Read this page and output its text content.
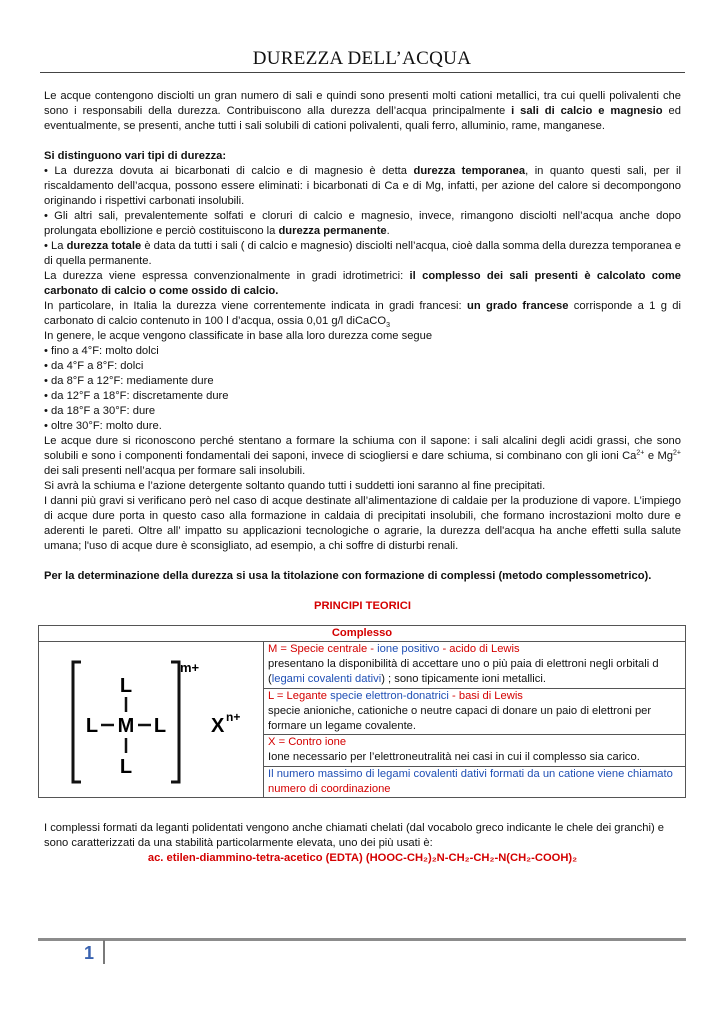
DUREZZA DELL’ACQUA

Le acque contengono disciolti un gran numero di sali e quindi sono presenti molti cationi metallici, tra cui quelli polivalenti che sono i responsabili della durezza. Contribuiscono alla durezza dell’acqua principalmente i sali di calcio e magnesio ed eventualmente, se presenti, anche tutti i sali solubili di cationi polivalenti, quali ferro, alluminio, rame, manganese.

Si distinguono vari tipi di durezza:

• La durezza dovuta ai bicarbonati di calcio e di magnesio è detta durezza temporanea, in quanto questi sali, per il riscaldamento dell’acqua, possono essere eliminati: i bicarbonati di Ca e di Mg, infatti, per azione del calore si decompongono originando i rispettivi carbonati insolubili.

• Gli altri sali, prevalentemente solfati e cloruri di calcio e magnesio, invece, rimangono disciolti nell’acqua anche dopo prolungata ebollizione e perciò costituiscono la durezza permanente.

• La durezza totale è data da tutti i sali ( di calcio e magnesio) disciolti nell’acqua, cioè dalla somma della durezza temporanea e di quella permanente.

La durezza viene espressa convenzionalmente in gradi idrotimetrici: il complesso dei sali presenti è calcolato come carbonato di calcio o come ossido di calcio.

In particolare, in Italia la durezza viene correntemente indicata in gradi francesi: un grado francese corrisponde a 1 g di carbonato di calcio contenuto in 100 l d’acqua, ossia 0,01 g/l diCaCO$_3$

In genere, le acque vengono classificate in base alla loro durezza come segue

• fino a 4°F: molto dolci

• da 4°F a 8°F: dolci

• da 8°F a 12°F: mediamente dure

• da 12°F a 18°F: discretamente dure

• da 18°F a 30°F: dure

• oltre 30°F: molto dure.

Le acque dure si riconoscono perché stentano a formare la schiuma con il sapone: i sali alcalini degli acidi grassi, che sono solubili e sono i componenti fondamentali dei saponi, invece di sciogliersi e dare schiuma, si combinano con gli ioni $Ca^{2+}$ e $Mg^{2+}$ dei sali presenti nell’acqua per formare sali insolubili.

Si avrà la schiuma e l’azione detergente soltanto quando tutti i suddetti ioni saranno al fine precipitati.

I danni più gravi si verificano però nel caso di acque destinate all’alimentazione di caldaie per la produzione di vapore. L’impiego di acque dure porta in questo caso alla formazione in caldaia di precipitati insolubili, che formano incrostazioni molto dure e aderenti le pareti. Oltre all’ impatto su applicazioni tecnologiche o agrarie, la durezza dell'acqua ha anche effetti sulla salute umana; l'uso di acque dure è sconsigliato, ad esempio, a chi soffre di disturbi renali.

Per la determinazione della durezza si usa la titolazione con formazione di complessi (metodo complessometrico).

PRINCIPI TEORICI

Complesso

m+
L
L
L	L
M	X n+
	M = Specie centrale - ione positivo - acido di Lewis
presentano la disponibilità di accettare uno o più paia di elettroni negli orbitali d (legami covalenti dativi) ; sono tipicamente ioni metallici.
L = Legante specie elettron-donatrici - basi di Lewis
specie anioniche, cationiche o neutre capaci di donare un paio di elettroni per formare un legame covalente.
X = Contro ione
Ione necessario per l’elettroneutralità nei casi in cui il complesso sia carico.
Il numero massimo di legami covalenti dativi formati da un catione viene chiamato numero di coordinazione

I complessi formati da leganti polidentati vengono anche chiamati chelati (dal vocabolo greco indicante le chele dei granchi) e sono caratterizzati da una stabilità particolarmente elevata, uno dei più usati è:

ac. etilen-diammino-tetra-acetico (EDTA) (HOOC-CH₂)₂N-CH₂-CH₂-N(CH₂-COOH)₂

1
